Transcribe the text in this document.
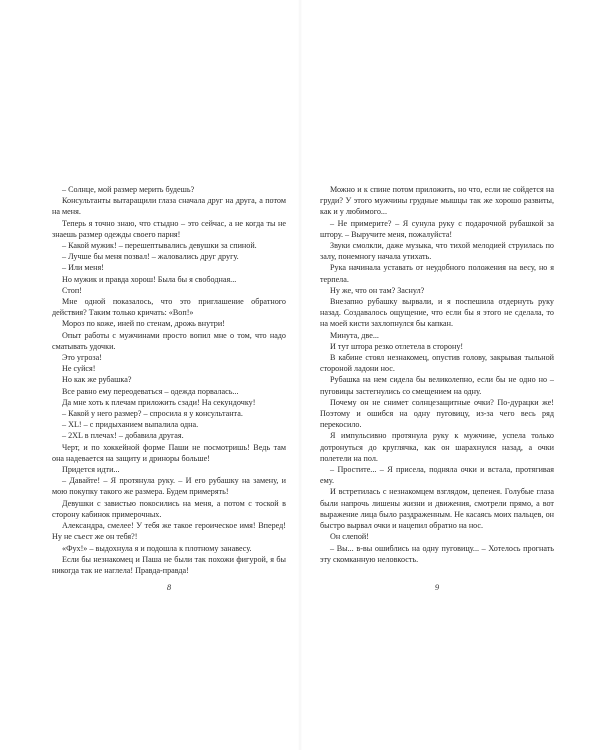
– Солнце, мой размер мерить будешь?

Консультанты вытаращили глаза сначала друг на друга, а потом на меня.

Теперь я точно знаю, что стыдно – это сейчас, а не когда ты не знаешь размер одежды своего парня!

– Какой мужик! – перешептывались девушки за спиной.

– Лучше бы меня позвал! – жаловались друг другу.

– Или меня!

Но мужик и правда хорош! Была бы я свободная...

Стоп!

Мне одной показалось, что это приглашение обратного действия? Таким только кричать: «Воп!»

Мороз по коже, иней по стенам, дрожь внутри!

Опыт работы с мужчинами просто вопил мне о том, что надо сматывать удочки.

Это угроза!

Не суйся!

Но как же рубашка?

Все равно ему переодеваться – одежда порвалась...

Да мне хоть к плечам приложить сзади! На секундочку!

– Какой у него размер? – спросила я у консультанта.

– XL! – с придыханием выпалила одна.

– 2XL в плечах! – добавила другая.

Черт, и по хоккейной форме Паши не посмотришь! Ведь там она надевается на защиту и дриноры больше!

Придется идти...

– Давайте! – Я протянула руку. – И его рубашку на замену, и мою покупку такого же размера. Будем примерять!

Девушки с завистью покосились на меня, а потом с тоской в сторону кабинок примерочных.

Александра, смелее! У тебя же такое героическое имя! Вперед! Ну не съест же он тебя?!

«Фух!» – выдохнула я и подошла к плотному занавесу.

Если бы незнакомец и Паша не были так похожи фигурой, я бы никогда так не наглела! Правда-правда!

8

Можно и к спине потом приложить, но что, если не сойдется на груди? У этого мужчины грудные мышцы так же хорошо развиты, как и у любимого...

– Не примерите? – Я сунула руку с подарочной рубашкой за штору. – Выручите меня, пожалуйста!

Звуки смолкли, даже музыка, что тихой мелодией струилась по залу, понемногу начала утихать.

Рука начинала уставать от неудобного положения на весу, но я терпела.

Ну же, что он там? Заснул?

Внезапно рубашку вырвали, и я поспешила отдернуть руку назад. Создавалось ощущение, что если бы я этого не сделала, то на моей кисти захлопнулся бы капкан.

Минута, две...

И тут штора резко отлетела в сторону!

В кабине стоял незнакомец, опустив голову, закрывая тыльной стороной ладони нос.

Рубашка на нем сидела бы великолепно, если бы не одно но – пуговицы застегнулись со смещением на одну.

Почему он не снимет солнцезащитные очки? По-дурацки же! Поэтому и ошибся на одну пуговицу, из-за чего весь ряд перекосило.

Я импульсивно протянула руку к мужчине, успела только дотронуться до круглячка, как он шарахнулся назад, а очки полетели на пол.

– Простите... – Я присела, подняла очки и встала, протягивая ему.

И встретилась с незнакомцем взглядом, цепенея. Голубые глаза были напрочь лишены жизни и движения, смотрели прямо, а вот выражение лица было раздраженным. Не касаясь моих пальцев, он быстро вырвал очки и нацепил обратно на нос.

Он слепой!

– Вы... в-вы ошиблись на одну пуговицу... – Хотелось прогнать эту скомканную неловкость.

9
